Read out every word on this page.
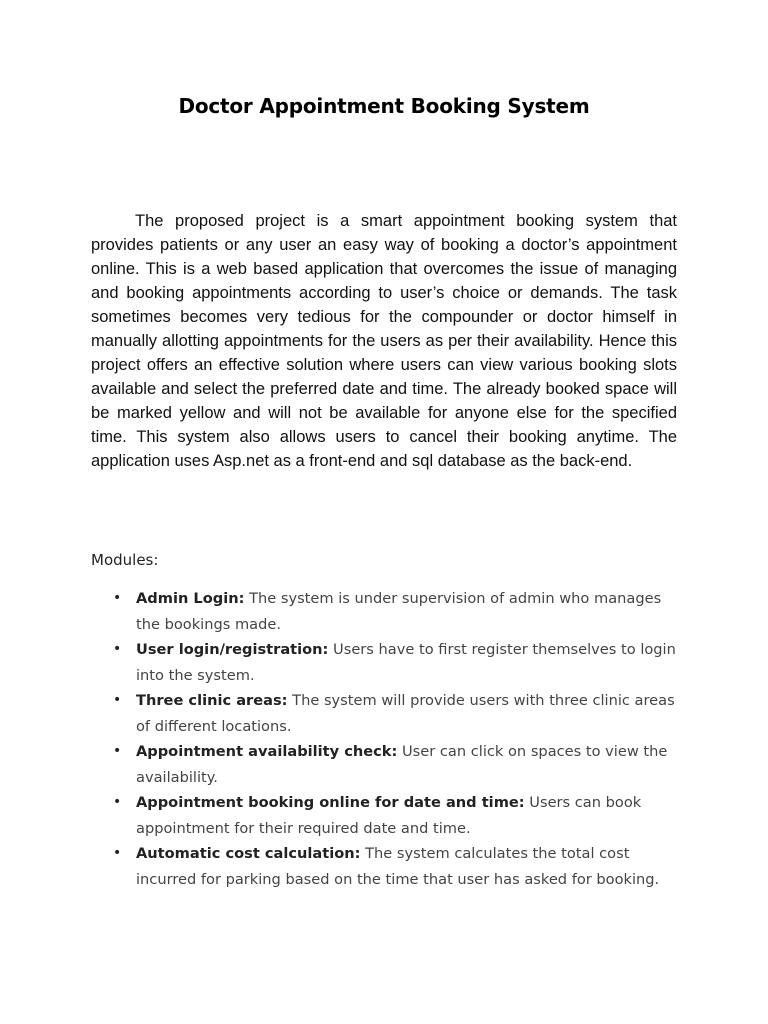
Doctor Appointment Booking System

The proposed project is a smart appointment booking system that provides patients or any user an easy way of booking a doctor’s appointment online. This is a web based application that overcomes the issue of managing and booking appointments according to user’s choice or demands. The task sometimes becomes very tedious for the compounder or doctor himself in manually allotting appointments for the users as per their availability. Hence this project offers an effective solution where users can view various booking slots available and select the preferred date and time. The already booked space will be marked yellow and will not be available for anyone else for the specified time. This system also allows users to cancel their booking anytime. The application uses Asp.net as a front-end and sql database as the back-end.

Modules:

• Admin Login: The system is under supervision of admin who manages the bookings made.
• User login/registration: Users have to first register themselves to login into the system.
• Three clinic areas: The system will provide users with three clinic areas of different locations.
• Appointment availability check: User can click on spaces to view the availability.
• Appointment booking online for date and time: Users can book appointment for their required date and time.
• Automatic cost calculation: The system calculates the total cost incurred for parking based on the time that user has asked for booking.
